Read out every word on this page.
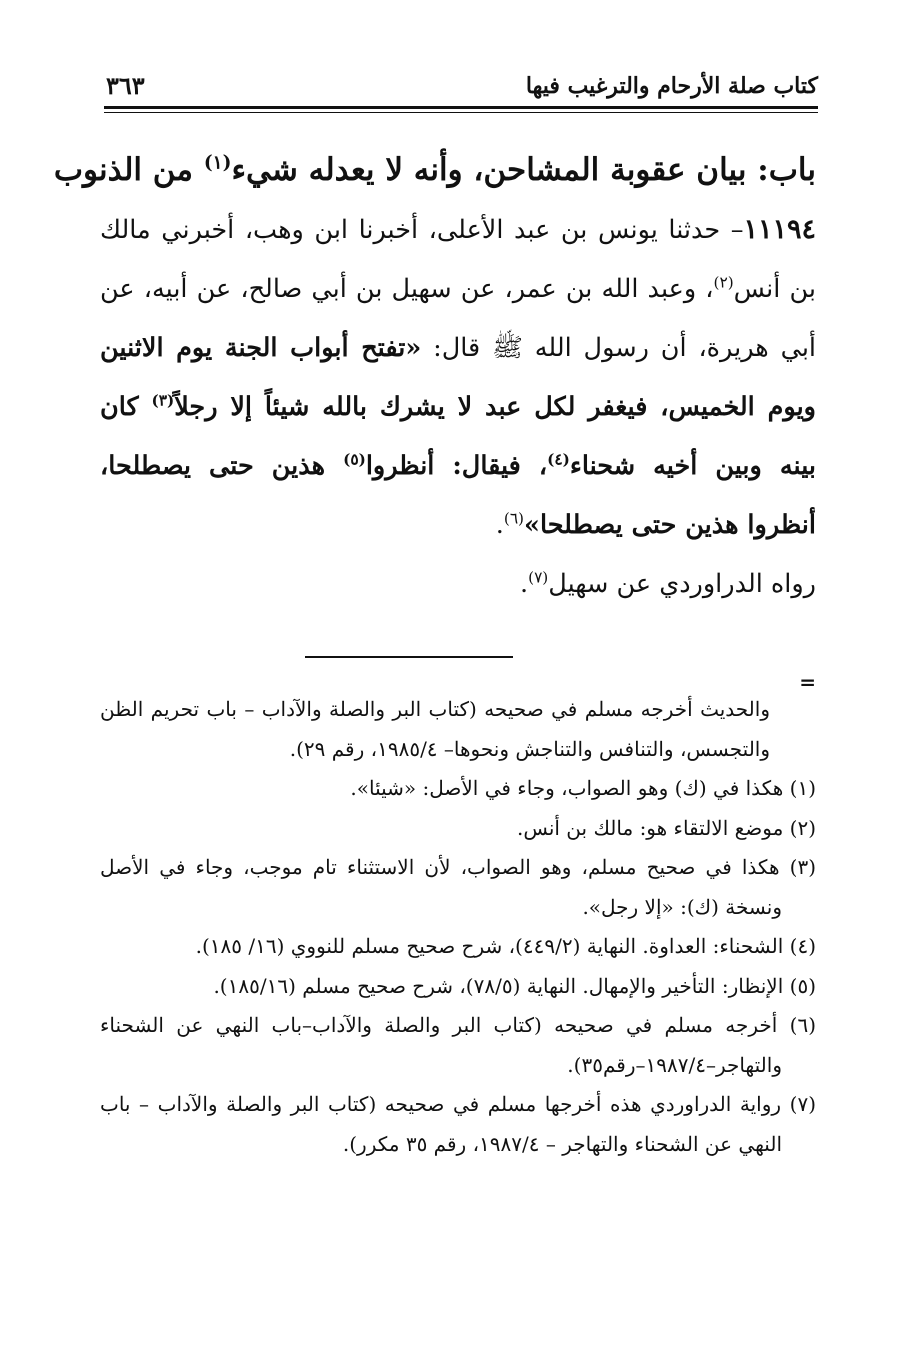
كتاب صلة الأرحام والترغيب فيها
٣٦٣
باب: بيان عقوبة المشاحن، وأنه لا يعدله شيء$^{(١)}$ من الذنوب
١١١٩٤– حدثنا يونس بن عبد الأعلى، أخبرنا ابن وهب، أخبرني مالك بن أنس$^{(٢)}$، وعبد الله بن عمر، عن سهيل بن أبي صالح، عن أبيه، عن أبي هريرة، أن رسول الله ﷺ قال: «تفتح أبواب الجنة يوم الاثنين ويوم الخميس، فيغفر لكل عبد لا يشرك بالله شيئاً إلا رجلاً$^{(٣)}$ كان بينه وبين أخيه شحناء$^{(٤)}$، فيقال: أنظروا$^{(٥)}$ هذين حتى يصطلحا، أنظروا هذين حتى يصطلحا»$^{(٦)}$.
رواه الدراوردي عن سهيل$^{(٧)}$.
=
والحديث أخرجه مسلم في صحيحه (كتاب البر والصلة والآداب – باب تحريم الظن والتجسس، والتنافس والتناجش ونحوها– ١٩٨٥/٤، رقم ٢٩).
(١) هكذا في (ك) وهو الصواب، وجاء في الأصل: «شيئا».
(٢) موضع الالتقاء هو: مالك بن أنس.
(٣) هكذا في صحيح مسلم، وهو الصواب، لأن الاستثناء تام موجب، وجاء في الأصل ونسخة (ك): «إلا رجل».
(٤) الشحناء: العداوة. النهاية (٤٤٩/٢)، شرح صحيح مسلم للنووي (١٦/ ١٨٥).
(٥) الإنظار: التأخير والإمهال. النهاية (٧٨/٥)، شرح صحيح مسلم (١٨٥/١٦).
(٦) أخرجه مسلم في صحيحه (كتاب البر والصلة والآداب–باب النهي عن الشحناء والتهاجر–١٩٨٧/٤–رقم٣٥).
(٧) رواية الدراوردي هذه أخرجها مسلم في صحيحه (كتاب البر والصلة والآداب – باب النهي عن الشحناء والتهاجر – ١٩٨٧/٤، رقم ٣٥ مكرر).
